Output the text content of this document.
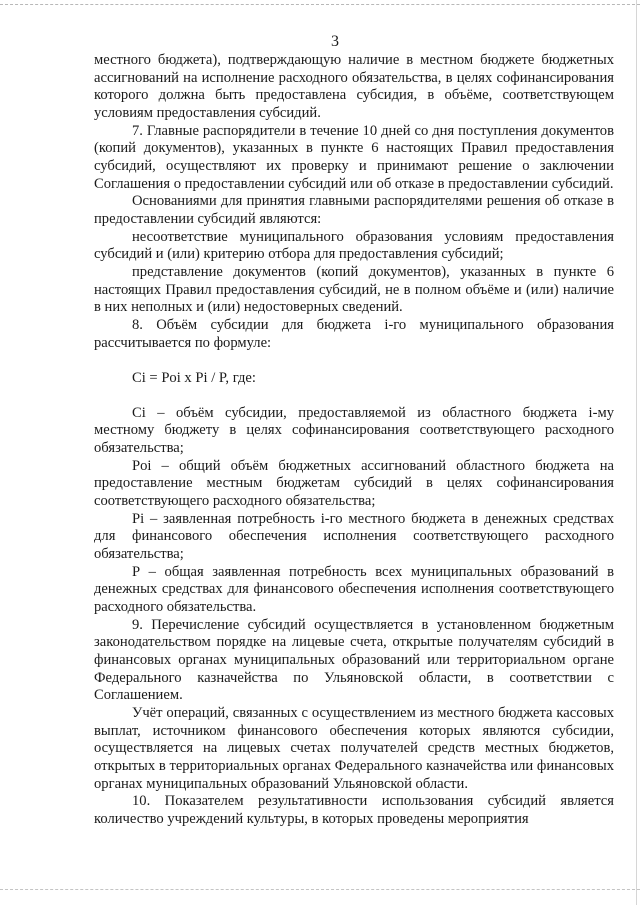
3

местного бюджета), подтверждающую наличие в местном бюджете бюджетных ассигнований на исполнение расходного обязательства, в целях софинансирования которого должна быть предоставлена субсидия, в объёме, соответствующем условиям предоставления субсидий.

7. Главные распорядители в течение 10 дней со дня поступления документов (копий документов), указанных в пункте 6 настоящих Правил предоставления субсидий, осуществляют их проверку и принимают решение о заключении Соглашения о предоставлении субсидий или об отказе в предоставлении субсидий.

Основаниями для принятия главными распорядителями решения об отказе в предоставлении субсидий являются:

несоответствие муниципального образования условиям предоставления субсидий и (или) критерию отбора для предоставления субсидий;

представление документов (копий документов), указанных в пункте 6 настоящих Правил предоставления субсидий, не в полном объёме и (или) наличие в них неполных и (или) недостоверных сведений.

8. Объём субсидии для бюджета i-го муниципального образования рассчитывается по формуле:

Сi = Рoi x Pi / P, где:

Сi – объём субсидии, предоставляемой из областного бюджета i-му местному бюджету в целях софинансирования соответствующего расходного обязательства;

Рoi – общий объём бюджетных ассигнований областного бюджета на предоставление местным бюджетам субсидий в целях софинансирования соответствующего расходного обязательства;

Рi – заявленная потребность i-го местного бюджета в денежных средствах для финансового обеспечения исполнения соответствующего расходного обязательства;

Р – общая заявленная потребность всех муниципальных образований в денежных средствах для финансового обеспечения исполнения соответствующего расходного обязательства.

9. Перечисление субсидий осуществляется в установленном бюджетным законодательством порядке на лицевые счета, открытые получателям субсидий в финансовых органах муниципальных образований или территориальном органе Федерального казначейства по Ульяновской области, в соответствии с Соглашением.

Учёт операций, связанных с осуществлением из местного бюджета кассовых выплат, источником финансового обеспечения которых являются субсидии, осуществляется на лицевых счетах получателей средств местных бюджетов, открытых в территориальных органах Федерального казначейства или финансовых органах муниципальных образований Ульяновской области.

10. Показателем результативности использования субсидий является количество учреждений культуры, в которых проведены мероприятия
